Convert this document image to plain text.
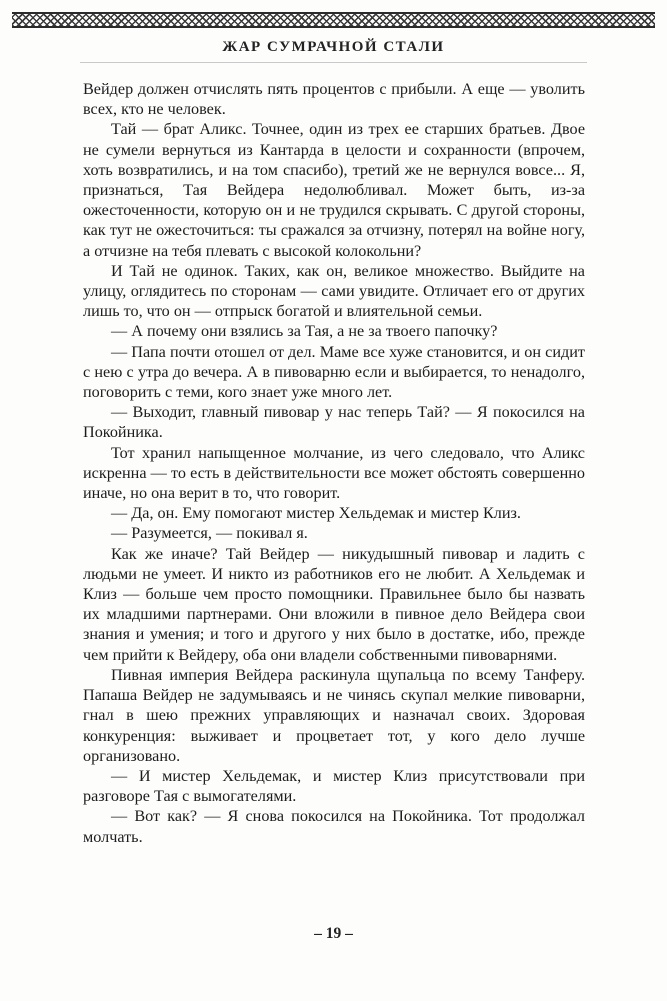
ЖАР СУМРАЧНОЙ СТАЛИ

Вейдер должен отчислять пять процентов с прибыли. А еще — уволить всех, кто не человек.

Тай — брат Аликс. Точнее, один из трех ее старших братьев. Двое не сумели вернуться из Кантарда в целости и сохранности (впрочем, хоть возвратились, и на том спасибо), третий же не вернулся вовсе... Я, признаться, Тая Вейдера недолюбливал. Может быть, из-за ожесточенности, которую он и не трудился скрывать. С другой стороны, как тут не ожесточиться: ты сражался за отчизну, потерял на войне ногу, а отчизне на тебя плевать с высокой колокольни?

И Тай не одинок. Таких, как он, великое множество. Выйдите на улицу, оглядитесь по сторонам — сами увидите. Отличает его от других лишь то, что он — отпрыск богатой и влиятельной семьи.

— А почему они взялись за Тая, а не за твоего папочку?

— Папа почти отошел от дел. Маме все хуже становится, и он сидит с нею с утра до вечера. А в пивоварню если и выбирается, то ненадолго, поговорить с теми, кого знает уже много лет.

— Выходит, главный пивовар у нас теперь Тай? — Я покосился на Покойника.

Тот хранил напыщенное молчание, из чего следовало, что Аликс искренна — то есть в действительности все может обстоять совершенно иначе, но она верит в то, что говорит.

— Да, он. Ему помогают мистер Хельдемак и мистер Клиз.

— Разумеется, — покивал я.

Как же иначе? Тай Вейдер — никудышный пивовар и ладить с людьми не умеет. И никто из работников его не любит. А Хельдемак и Клиз — больше чем просто помощники. Правильнее было бы назвать их младшими партнерами. Они вложили в пивное дело Вейдера свои знания и умения; и того и другого у них было в достатке, ибо, прежде чем прийти к Вейдеру, оба они владели собственными пивоварнями.

Пивная империя Вейдера раскинула щупальца по всему Танферу. Папаша Вейдер не задумываясь и не чинясь скупал мелкие пивоварни, гнал в шею прежних управляющих и назначал своих. Здоровая конкуренция: выживает и процветает тот, у кого дело лучше организовано.

— И мистер Хельдемак, и мистер Клиз присутствовали при разговоре Тая с вымогателями.

— Вот как? — Я снова покосился на Покойника. Тот продолжал молчать.

– 19 –
